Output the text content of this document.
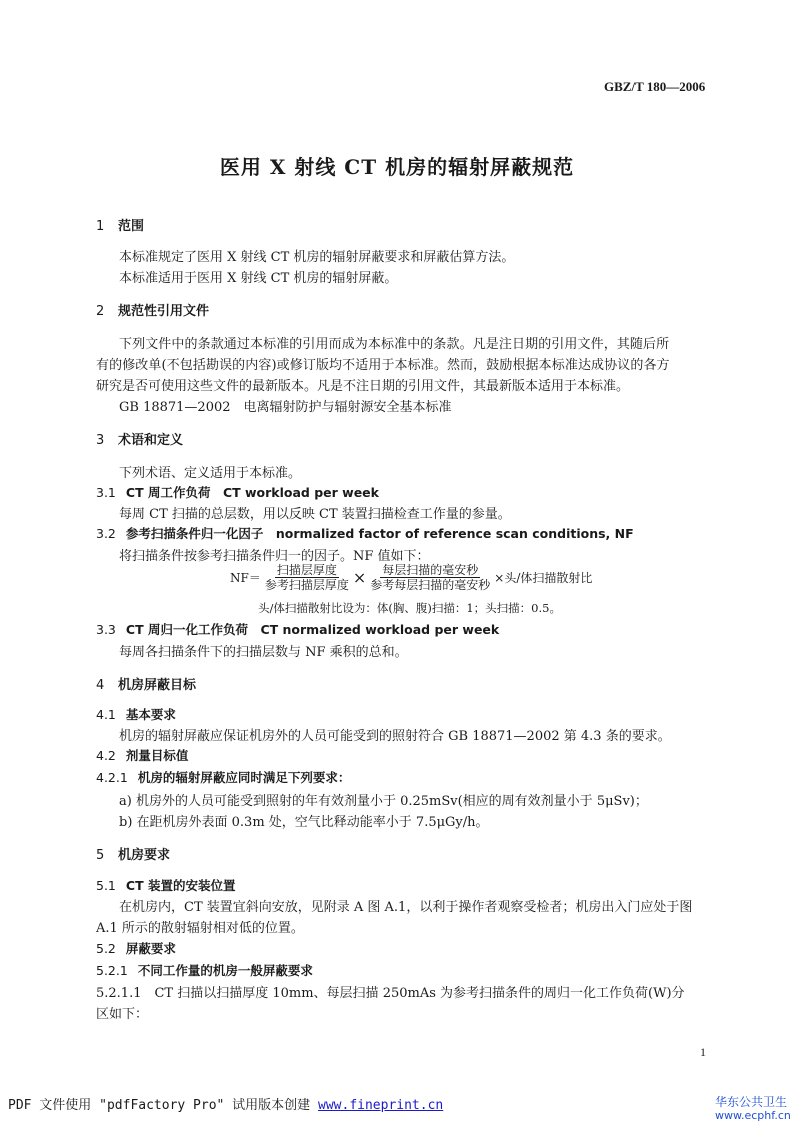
GBZ/T 180—2006
医用 X 射线 CT 机房的辐射屏蔽规范
1 范围
本标准规定了医用 X 射线 CT 机房的辐射屏蔽要求和屏蔽估算方法。
本标准适用于医用 X 射线 CT 机房的辐射屏蔽。
2 规范性引用文件
下列文件中的条款通过本标准的引用而成为本标准中的条款。凡是注日期的引用文件，其随后所
有的修改单(不包括勘误的内容)或修订版均不适用于本标准。然而，鼓励根据本标准达成协议的各方
研究是否可使用这些文件的最新版本。凡是不注日期的引用文件，其最新版本适用于本标准。
GB 18871—2002　电离辐射防护与辐射源安全基本标准
3 术语和定义
下列术语、定义适用于本标准。
3.1 CT 周工作负荷　CT workload per week
每周 CT 扫描的总层数，用以反映 CT 装置扫描检查工作量的参量。
3.2 参考扫描条件归一化因子　normalized factor of reference scan conditions, NF
将扫描条件按参考扫描条件归一的因子。NF 值如下：
$NF= \frac{\text{扫描层厚度}}{\text{参考扫描层厚度}} \times \frac{\text{每层扫描的毫安秒}}{\text{参考每层扫描的毫安秒}}$ ×头/体扫描散射比
头/体扫描散射比设为：体(胸、腹)扫描：1；头扫描：0.5。
3.3 CT 周归一化工作负荷　CT normalized workload per week
每周各扫描条件下的扫描层数与 NF 乘积的总和。
4 机房屏蔽目标
4.1 基本要求
机房的辐射屏蔽应保证机房外的人员可能受到的照射符合 GB 18871—2002 第 4.3 条的要求。
4.2 剂量目标值
4.2.1 机房的辐射屏蔽应同时满足下列要求：
a) 机房外的人员可能受到照射的年有效剂量小于 0.25mSv(相应的周有效剂量小于 5μSv)；
b) 在距机房外表面 0.3m 处，空气比释动能率小于 7.5μGy/h。
5 机房要求
5.1 CT 装置的安装位置
在机房内，CT 装置宜斜向安放，见附录 A 图 A.1，以利于操作者观察受检者；机房出入门应处于图
A.1 所示的散射辐射相对低的位置。
5.2 屏蔽要求
5.2.1 不同工作量的机房一般屏蔽要求
5.2.1.1　CT 扫描以扫描厚度 10mm、每层扫描 250mAs 为参考扫描条件的周归一化工作负荷(W)分
区如下：
1
PDF 文件使用 "pdfFactory Pro" 试用版本创建 www.fineprint.cn	华东公共卫生
www.ecphf.cn
